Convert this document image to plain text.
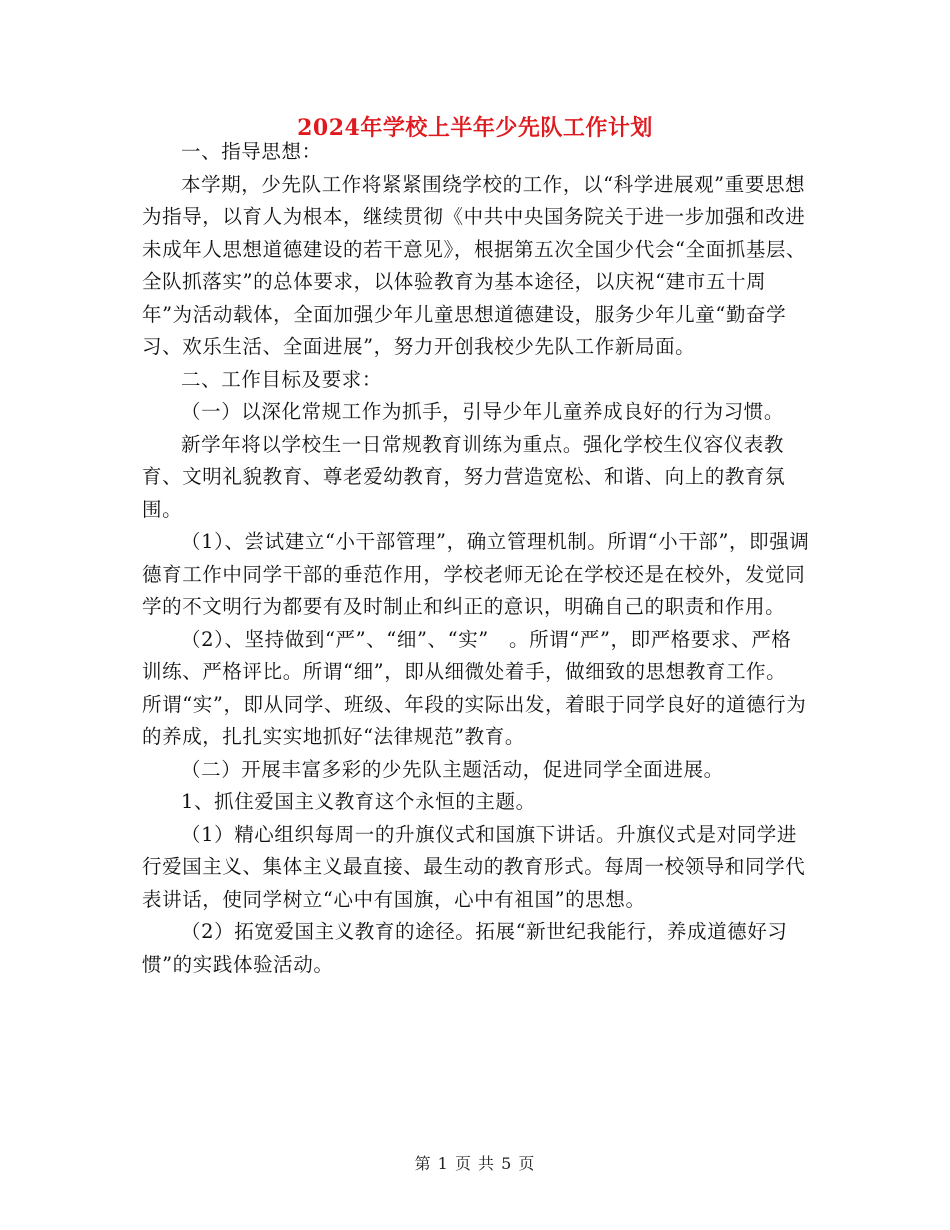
2024年学校上半年少先队工作计划

一、指导思想：

本学期，少先队工作将紧紧围绕学校的工作，以“科学进展观”重要思想为指导，以育人为根本，继续贯彻《中共中央国务院关于进一步加强和改进未成年人思想道德建设的若干意见》，根据第五次全国少代会“全面抓基层、全队抓落实”的总体要求，以体验教育为基本途径，以庆祝“建市五十周年”为活动载体，全面加强少年儿童思想道德建设，服务少年儿童“勤奋学习、欢乐生活、全面进展”，努力开创我校少先队工作新局面。

二、工作目标及要求：

（一）以深化常规工作为抓手，引导少年儿童养成良好的行为习惯。

新学年将以学校生一日常规教育训练为重点。强化学校生仪容仪表教育、文明礼貌教育、尊老爱幼教育，努力营造宽松、和谐、向上的教育氛围。

（1）、尝试建立“小干部管理”，确立管理机制。所谓“小干部”，即强调德育工作中同学干部的垂范作用，学校老师无论在学校还是在校外，发觉同学的不文明行为都要有及时制止和纠正的意识，明确自己的职责和作用。

（2）、坚持做到“严”、“细”、“实”　。所谓“严”，即严格要求、严格训练、严格评比。所谓“细”，即从细微处着手，做细致的思想教育工作。　所谓“实”，即从同学、班级、年段的实际出发，着眼于同学良好的道德行为的养成，扎扎实实地抓好“法律规范”教育。

（二）开展丰富多彩的少先队主题活动，促进同学全面进展。

1、抓住爱国主义教育这个永恒的主题。

（1）精心组织每周一的升旗仪式和国旗下讲话。升旗仪式是对同学进行爱国主义、集体主义最直接、最生动的教育形式。每周一校领导和同学代表讲话，使同学树立“心中有国旗，心中有祖国”的思想。

（2）拓宽爱国主义教育的途径。拓展“新世纪我能行，养成道德好习惯”的实践体验活动。

第 1 页 共 5 页
